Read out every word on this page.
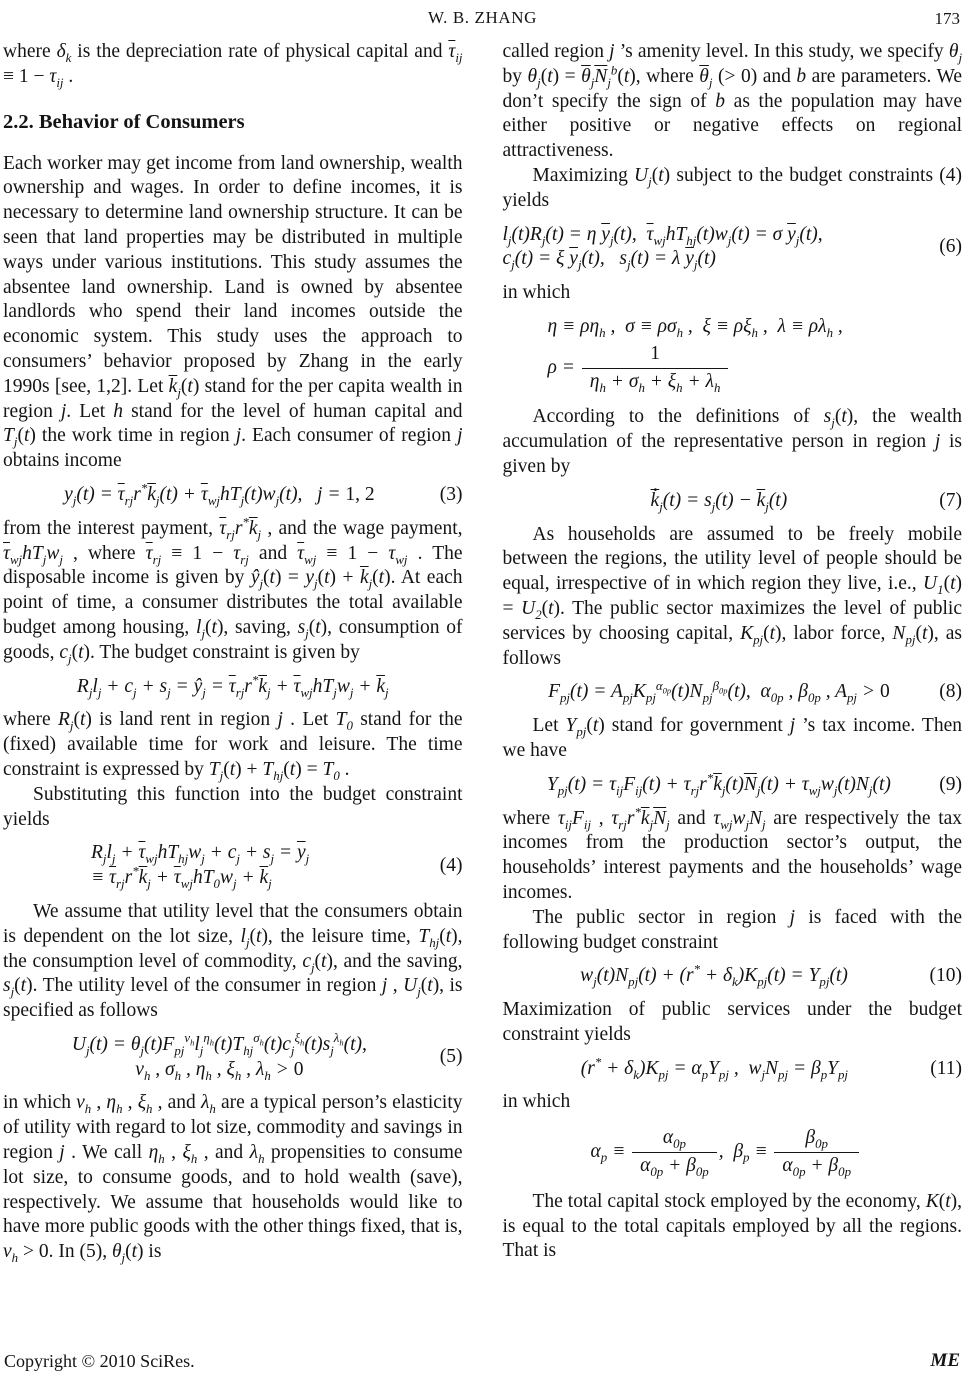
W. B. ZHANG	173

where $\delta_k$ is the depreciation rate of physical capital and $\overline{\tau}_{ij} \equiv 1 - \tau_{ij}$ .

2.2. Behavior of Consumers

Each worker may get income from land ownership, wealth ownership and wages. In order to define incomes, it is necessary to determine land ownership structure. It can be seen that land properties may be distributed in multiple ways under various institutions. This study assumes the absentee land ownership. Land is owned by absentee landlords who spend their land incomes outside the economic system. This study uses the approach to consumers’ behavior proposed by Zhang in the early 1990s [see, 1,2]. Let $\overline{k}_j(t)$ stand for the per capita wealth in region j. Let h stand for the level of human capital and $T_j(t)$ the work time in region j. Each consumer of region j obtains income

$y_j(t) = \overline{\tau}_{rj}r^*\overline{k}_j(t) + \overline{\tau}_{wj}hT_j(t)w_j(t)$,  j = 1, 2	(3)

from the interest payment, $\overline{\tau}_{rj}r^*\overline{k}_j$ , and the wage payment, $\overline{\tau}_{wj}hT_jw_j$ , where $\overline{\tau}_{rj} \equiv 1 - \tau_{rj}$ and $\overline{\tau}_{wj} \equiv 1 - \tau_{wj}$ . The disposable income is given by $ŷ_j(t) = y_j(t) + \overline{k}_j(t)$. At each point of time, a consumer distributes the total available budget among housing, $l_j(t)$, saving, $s_j(t)$, consumption of goods, $c_j(t)$. The budget constraint is given by

$R_jl_j + c_j + s_j$ = $ŷ_j = \overline{\tau}_{rj}r^*\overline{k}_j + \overline{\tau}_{wj}hT_jw_j + \overline{k}_j$

where $R_j(t)$ is land rent in region j . Let $T_0$ stand for the (fixed) available time for work and leisure. The time constraint is expressed by $T_j(t) + T_{hj}(t) = T_0$ .

Substituting this function into the budget constraint yields

$R_jl_j + \overline{\tau}_{wj}hT_{hj}w_j + c_j + s_j = \overline{y}_j$
≡ $\overline{\tau}_{rj}r^*\overline{k}_j + \overline{\tau}_{wj}hT_0w_j + \overline{k}_j$
(4)

We assume that utility level that the consumers obtain is dependent on the lot size, $l_j(t)$, the leisure time, $T_{hj}(t)$, the consumption level of commodity, $c_j(t)$, and the saving, $s_j(t)$. The utility level of the consumer in region j , $U_j(t)$, is specified as follows

$U_j(t) = \theta_j(t)F_{pj}^{v_h}l_j^{\eta_h}(t)T_{hj}^{\sigma_h}(t)c_j^{\xi_h}(t)s_j^{\lambda_h}(t)$,
$v_h$ , $\sigma_h$ , $\eta_h$ , $\xi_h$ , $\lambda_h > 0$
(5)

in which $v_h$ , $\eta_h$ , $\xi_h$ , and $\lambda_h$ are a typical person’s elasticity of utility with regard to lot size, commodity and savings in region j . We call $\eta_h$ , $\xi_h$ , and $\lambda_h$ propensities to consume lot size, to consume goods, and to hold wealth (save), respectively. We assume that households would like to have more public goods with the other things fixed, that is, $v_h > 0$. In (5), $\theta_j(t)$ is

called region j ’s amenity level. In this study, we specify $\theta_j$ by $\theta_j(t) = \overline{\theta}_j\overline{N}_j^b(t)$, where $\overline{\theta}_j$ (> 0) and b are parameters. We don’t specify the sign of b as the population may have either positive or negative effects on regional attractiveness.

Maximizing $U_j(t)$ subject to the budget constraints (4) yields

$l_j(t)R_j(t) = \eta$ $\overline{y}_j(t)$, $\overline{\tau}_{wj}hT_{hj}(t)w_j(t) = \sigma$ $\overline{y}_j(t)$,
$c_j(t) = \xi$ $\overline{y}_j(t)$,  $s_j(t) = \lambda$ $\overline{y}_j(t)$
(6)

in which

$\eta \equiv \rho\eta_h$ , $\sigma \equiv \rho\sigma_h$ , $\xi \equiv \rho\xi_h$ , $\lambda \equiv \rho\lambda_h$ ,
$\rho = \frac{1}{\eta_h + \sigma_h + \xi_h + \lambda_h}$

According to the definitions of $s_j(t)$, the wealth accumulation of the representative person in region j is given by

$\overline{k} \cdot_j(t) = s_j(t) - \overline{k}_j(t)$	(7)

As households are assumed to be freely mobile between the regions, the utility level of people should be equal, irrespective of in which region they live, i.e., $U_1(t) = U_2(t)$. The public sector maximizes the level of public services by choosing capital, $K_{pj}(t)$, labor force, $N_{pj}(t)$, as follows

$F_{pj}(t) = A_{pj}K_{pj}^{\alpha_{0p}}(t)N_{pj}^{\beta_{0p}}(t)$, $\alpha_{0p}$ , $\beta_{0p}$ , $A_{pj} > 0$	(8)

Let $Y_{pj}(t)$ stand for government j ’s tax income. Then we have

$Y_{pj}(t) = \tau_{ij}F_{ij}(t) + \tau_{rj}r^*\overline{k}_j(t)\overline{N}_j(t) + \tau_{wj}w_j(t)N_j(t)$	(9)

where $\tau_{ij}F_{ij}$ , $\tau_{rj}r^*\overline{k}_j\overline{N}_j$ and $\tau_{wj}w_jN_j$ are respectively the tax incomes from the production sector’s output, the households’ interest payments and the households’ wage incomes.

The public sector in region j is faced with the following budget constraint

$w_j(t)N_{pj}(t) + (r^* + \delta_k)K_{pj}(t) = Y_{pj}(t)$	(10)

Maximization of public services under the budget constraint yields

$(r^* + \delta_k)K_{pj} = \alpha_pY_{pj}$ , $w_jN_{pj} = \beta_pY_{pj}$	(11)

in which

$\alpha_p \equiv \frac{\alpha_{0p}}{\alpha_{0p} + \beta_{0p}}$ , $\beta_p \equiv \frac{\beta_{0p}}{\alpha_{0p} + \beta_{0p}}$

The total capital stock employed by the economy, K(t), is equal to the total capitals employed by all the regions. That is

Copyright © 2010 SciRes.	ME
